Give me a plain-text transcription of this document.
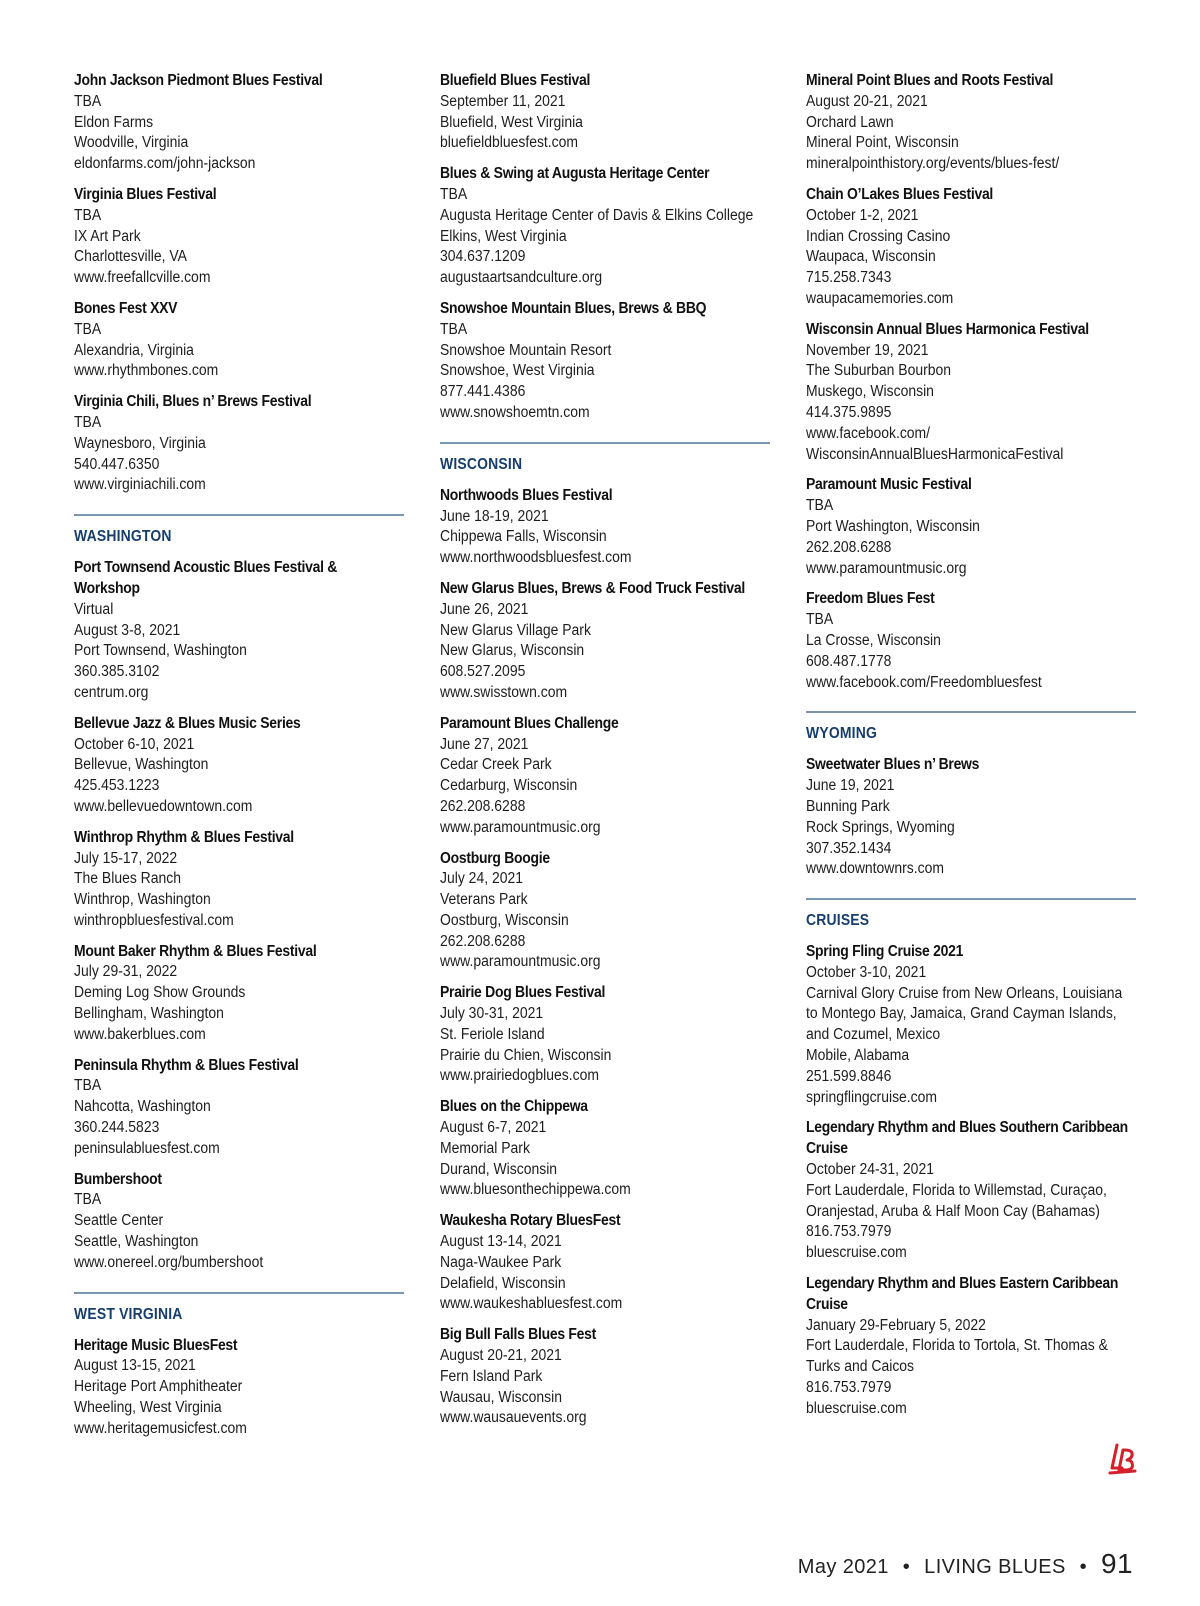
John Jackson Piedmont Blues Festival
TBA
Eldon Farms
Woodville, Virginia
eldonfarms.com/john-jackson
Virginia Blues Festival
TBA
IX Art Park
Charlottesville, VA
www.freefallcville.com
Bones Fest XXV
TBA
Alexandria, Virginia
www.rhythmbones.com
Virginia Chili, Blues n’ Brews Festival
TBA
Waynesboro, Virginia
540.447.6350
www.virginiachili.com
WASHINGTON
Port Townsend Acoustic Blues Festival & Workshop
Virtual
August 3-8, 2021
Port Townsend, Washington
360.385.3102
centrum.org
Bellevue Jazz & Blues Music Series
October 6-10, 2021
Bellevue, Washington
425.453.1223
www.bellevuedowntown.com
Winthrop Rhythm & Blues Festival
July 15-17, 2022
The Blues Ranch
Winthrop, Washington
winthropbluesfestival.com
Mount Baker Rhythm & Blues Festival
July 29-31, 2022
Deming Log Show Grounds
Bellingham, Washington
www.bakerblues.com
Peninsula Rhythm & Blues Festival
TBA
Nahcotta, Washington
360.244.5823
peninsulabluesfest.com
Bumbershoot
TBA
Seattle Center
Seattle, Washington
www.onereel.org/bumbershoot
WEST VIRGINIA
Heritage Music BluesFest
August 13-15, 2021
Heritage Port Amphitheater
Wheeling, West Virginia
www.heritagemusicfest.com
Bluefield Blues Festival
September 11, 2021
Bluefield, West Virginia
bluefieldbluesfest.com
Blues & Swing at Augusta Heritage Center
TBA
Augusta Heritage Center of Davis & Elkins College
Elkins, West Virginia
304.637.1209
augustaartsandculture.org
Snowshoe Mountain Blues, Brews & BBQ
TBA
Snowshoe Mountain Resort
Snowshoe, West Virginia
877.441.4386
www.snowshoemtn.com
WISCONSIN
Northwoods Blues Festival
June 18-19, 2021
Chippewa Falls, Wisconsin
www.northwoodsbluesfest.com
New Glarus Blues, Brews & Food Truck Festival
June 26, 2021
New Glarus Village Park
New Glarus, Wisconsin
608.527.2095
www.swisstown.com
Paramount Blues Challenge
June 27, 2021
Cedar Creek Park
Cedarburg, Wisconsin
262.208.6288
www.paramountmusic.org
Oostburg Boogie
July 24, 2021
Veterans Park
Oostburg, Wisconsin
262.208.6288
www.paramountmusic.org
Prairie Dog Blues Festival
July 30-31, 2021
St. Feriole Island
Prairie du Chien, Wisconsin
www.prairiedogblues.com
Blues on the Chippewa
August 6-7, 2021
Memorial Park
Durand, Wisconsin
www.bluesonthechippewa.com
Waukesha Rotary BluesFest
August 13-14, 2021
Naga-Waukee Park
Delafield, Wisconsin
www.waukeshabluesfest.com
Big Bull Falls Blues Fest
August 20-21, 2021
Fern Island Park
Wausau, Wisconsin
www.wausauevents.org
Mineral Point Blues and Roots Festival
August 20-21, 2021
Orchard Lawn
Mineral Point, Wisconsin
mineralpointhistory.org/events/blues-fest/
Chain O’Lakes Blues Festival
October 1-2, 2021
Indian Crossing Casino
Waupaca, Wisconsin
715.258.7343
waupacamemories.com
Wisconsin Annual Blues Harmonica Festival
November 19, 2021
The Suburban Bourbon
Muskego, Wisconsin
414.375.9895
www.facebook.com/
WisconsinAnnualBluesHarmonicaFestival
Paramount Music Festival
TBA
Port Washington, Wisconsin
262.208.6288
www.paramountmusic.org
Freedom Blues Fest
TBA
La Crosse, Wisconsin
608.487.1778
www.facebook.com/Freedombluesfest
WYOMING
Sweetwater Blues n’ Brews
June 19, 2021
Bunning Park
Rock Springs, Wyoming
307.352.1434
www.downtownrs.com
CRUISES
Spring Fling Cruise 2021
October 3-10, 2021
Carnival Glory Cruise from New Orleans, Louisiana
to Montego Bay, Jamaica, Grand Cayman Islands,
and Cozumel, Mexico
Mobile, Alabama
251.599.8846
springflingcruise.com
Legendary Rhythm and Blues Southern Caribbean Cruise
October 24-31, 2021
Fort Lauderdale, Florida to Willemstad, Curaçao,
Oranjestad, Aruba & Half Moon Cay (Bahamas)
816.753.7979
bluescruise.com
Legendary Rhythm and Blues Eastern Caribbean Cruise
January 29-February 5, 2022
Fort Lauderdale, Florida to Tortola, St. Thomas &
Turks and Caicos
816.753.7979
bluescruise.com
May 2021 • LIVING BLUES • 91
